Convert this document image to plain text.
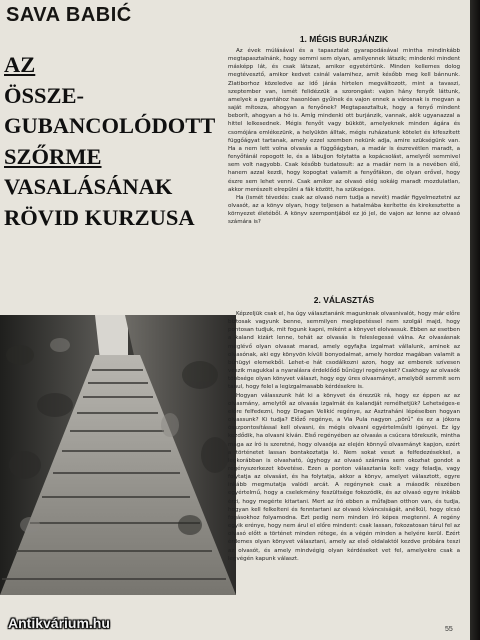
SAVA BABIĆ
AZ
ÖSSZE-
GUBANCOLÓDOTT
SZŐRME
VASALÁSÁNAK
RÖVID KURZUSA
1. MÉGIS BURJÁNZIK

Az évek múlásával és a tapasztalat gyarapodásával mintha mindinkább megtapasztalnánk, hogy semmi sem olyan, amilyennek látszik; mindenki mindent másképp lát, és csak látszat, amikor egyetértünk. Minden kellemes dolog megtévesztő, amikor kedvet csinál valamihez, amit később meg kell bánnunk. Zlatiborhoz közeledve az idő járás hirtelen megváltozott, mint a tavaszi, szeptember van, ismét felidézzük a szorongást: vajon hány fenyőt láttunk, amelyek a gyantához hasonlóan gyűlnek és vajon ennek a városnak is megvan a saját mítosza, ahogyan a fenyőnek? Megtapasztaltuk, hogy a fenyő mindent beborít, ahogyan a hó is. Amíg mindenki ott burjánzik, vannak, akik ugyanazzal a hittel lelkesednek. Mégis fenyőt vagy bükköt, amelyeknek minden ágára és csomójára emlékezünk, a helyükön álltak, mégis ruházatunk kötelet és kifeszített függőágyat tartanak, amely ezzel szemben nekünk adja, amire szükségünk van. Ha a nem lett volna olvasás a függőágyban, a madár is észrevétlen maradt, a fenyőfánál ropogott le, és a lábujjon folytatta a kopácsolást, amelyről semmivel sem volt nagyobb. Csak később tudatosult: az a madár nem is a nevében élő, hanem azzal kezdi, hogy kopogtat valamit a fenyőfákon, de olyan erővel, hogy észre sem lehet venni. Csak amikor az olvasó elég sokáig maradt mozdulatlan, akkor merészelt elrepülni a fák között, ha szükséges.

Ha (ismét tévedés: csak az olvasó nem tudja a nevét) madár figyelmeztetni az olvasót, az a könyv olyan, hogy teljesen a hatalmába kerítette és kirekesztette a környezet életéből. A könyv szempontjából ez jó jel, de vajon az lenne az olvasó számára is?

2. VÁLASZTÁS

Képzeljük csak el, ha úgy választanánk magunknak olvasnivalót, hogy már előre biztosak vagyunk benne, semmilyen meglepetéssel nem szolgál majd, hogy pontosan tudjuk, mit fogunk kapni, miként a könyvet elolvassuk. Ebben az esetben a kaland kizárt lenne, tehát az olvasás is feleslegessé válna. Az olvasásnak meglévő olyan olvasat marad, amely egyfajta izgalmat vállalunk, aminek az olvasónak, aki egy könyvön kívüli bonyodalmat, amely hordoz magában valamit a bűnügyi elemekből. Lehet-e hát csodálkozni azon, hogy az emberek szívesen veszik magukkal a nyaralásra érdeklődő bűnügyi regényeket? Csakhogy az olvasók többsége olyan könyvet választ, hogy egy üres olvasmányt, amelyből semmit sem tanul, hogy felel a legizgalmasabb kérdésekre is.

Hogyan válasszunk hát ki a könyvet és érezzük rá, hogy ez éppen az az olvasmány, amelytől az olvasás izgalmát és kalandját remélhetjük? Lehetséges-e előre felfedezni, hogy Dragan Velikić regénye, az Asztraháni lépéseiben hogyan olvassunk? Ki tudja? Előző regénye, a Via Pula nagyon „pörű” és ez a jókora összpontosítással kell olvasni, és mégis olvasni egyértelműsíti igényei. Ez így kezdődik, ha olvasni kíván. Első regényében az olvasás a csúcsra törekszik, mintha maga az író is szeretné, hogy olvasója az elején könnyű olvasmányt kapjon, ezért a történetet lassan bontakoztatja ki. Nem sokat veszt a felfedezésekkel, a legkorábban is olvasható, úgyhogy az olvasó számára sem okozhat gondot a regényszerkezet követése. Ezen a ponton választania kell: vagy feladja, vagy folytatja az olvasást, és ha folytatja, akkor a könyv, amelyet választott, egyre inkább megmutatja valódi arcát. A regénynek csak a második részében egyértelmű, hogy a cselekmény feszültsége fokozódik, és az olvasó egyre inkább érzi, hogy megérte kitartani. Mert az író ebben a műfajban otthon van, és tudja, hogyan kell felkelteni és fenntartani az olvasó kíváncsiságát, anélkül, hogy olcsó fogásokhoz folyamodna. Ezt pedig nem minden író képes megtenni. A regény egyik erénye, hogy nem árul el előre mindent: csak lassan, fokozatosan tárul fel az olvasó előtt a történet minden rétege, és a végén minden a helyére kerül. Ezért érdemes olyan könyvet választani, amely az első oldalaktól kezdve próbára teszi az olvasót, és amely mindvégig olyan kérdéseket vet fel, amelyekre csak a legvégén kapunk választ.

55
Antikvárium.hu
